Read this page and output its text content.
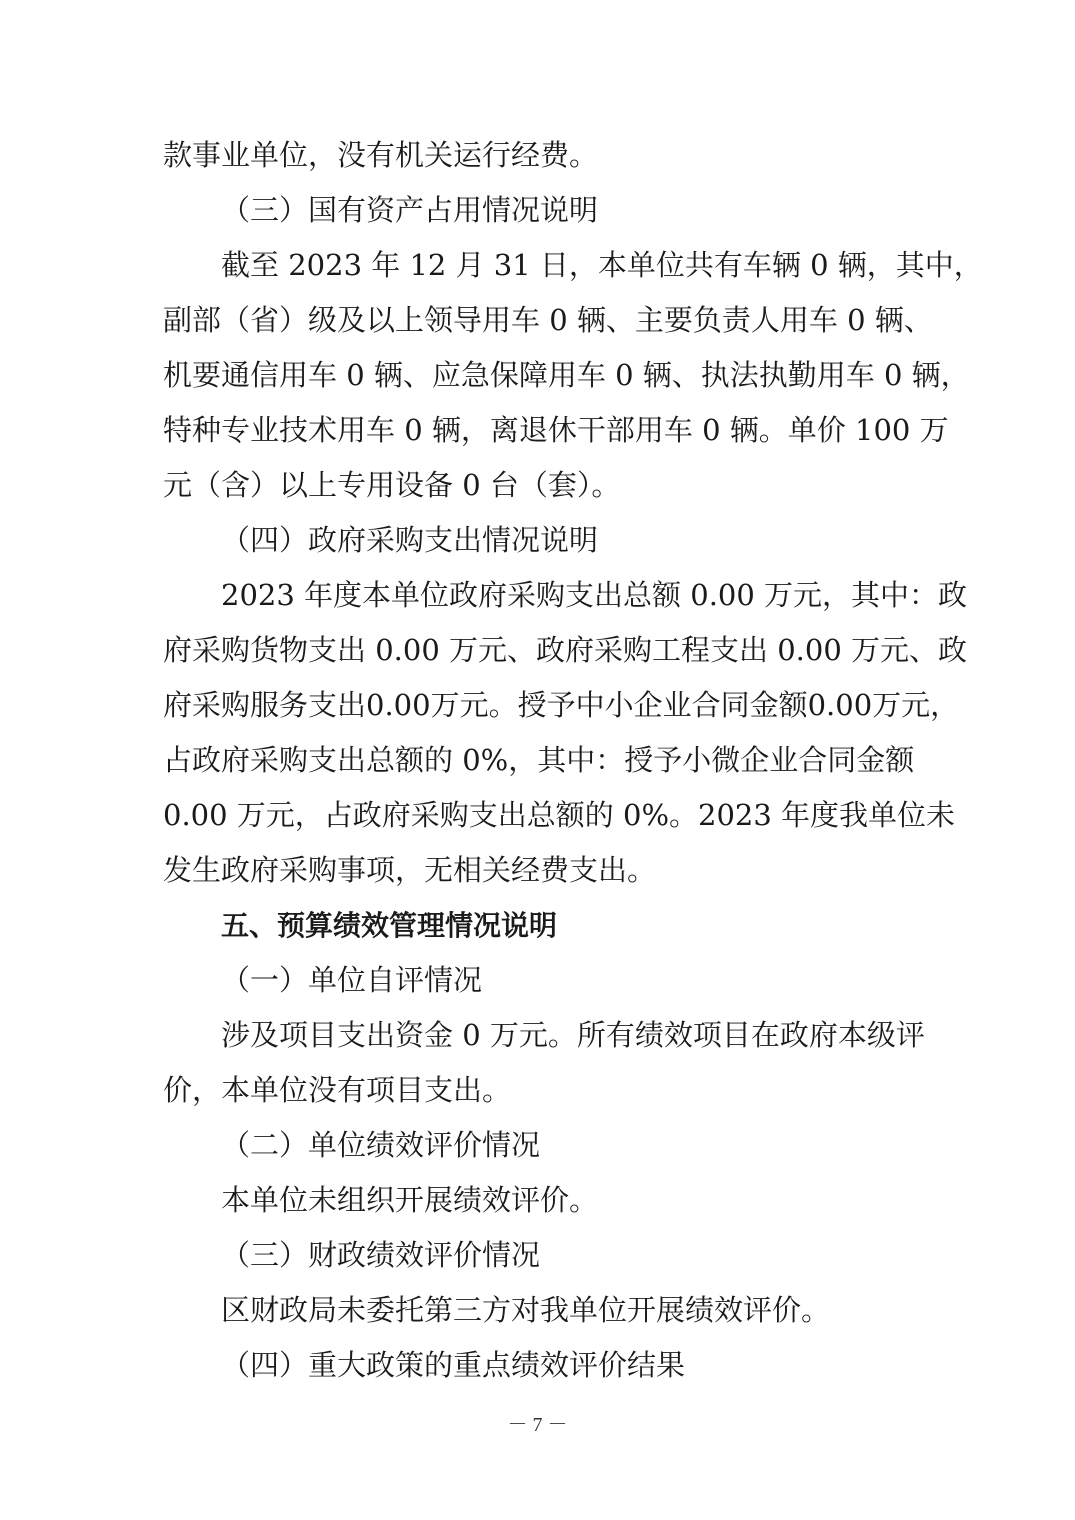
款事业单位，没有机关运行经费。
（三）国有资产占用情况说明
截至 2023 年 12 月 31 日，本单位共有车辆 0 辆，其中，
副部（省）级及以上领导用车 0 辆、主要负责人用车 0 辆、
机要通信用车 0 辆、应急保障用车 0 辆、执法执勤用车 0 辆，
特种专业技术用车 0 辆，离退休干部用车 0 辆。单价 100 万
元（含）以上专用设备 0 台（套）。
（四）政府采购支出情况说明
2023 年度本单位政府采购支出总额 0.00 万元，其中：政
府采购货物支出 0.00 万元、政府采购工程支出 0.00 万元、政
府采购服务支出0.00万元。授予中小企业合同金额0.00万元，
占政府采购支出总额的 0%，其中：授予小微企业合同金额
0.00 万元，占政府采购支出总额的 0%。2023 年度我单位未
发生政府采购事项，无相关经费支出。
五、预算绩效管理情况说明
（一）单位自评情况
涉及项目支出资金 0 万元。所有绩效项目在政府本级评
价，本单位没有项目支出。
（二）单位绩效评价情况
本单位未组织开展绩效评价。
（三）财政绩效评价情况
区财政局未委托第三方对我单位开展绩效评价。
（四）重大政策的重点绩效评价结果
－ 7 －
